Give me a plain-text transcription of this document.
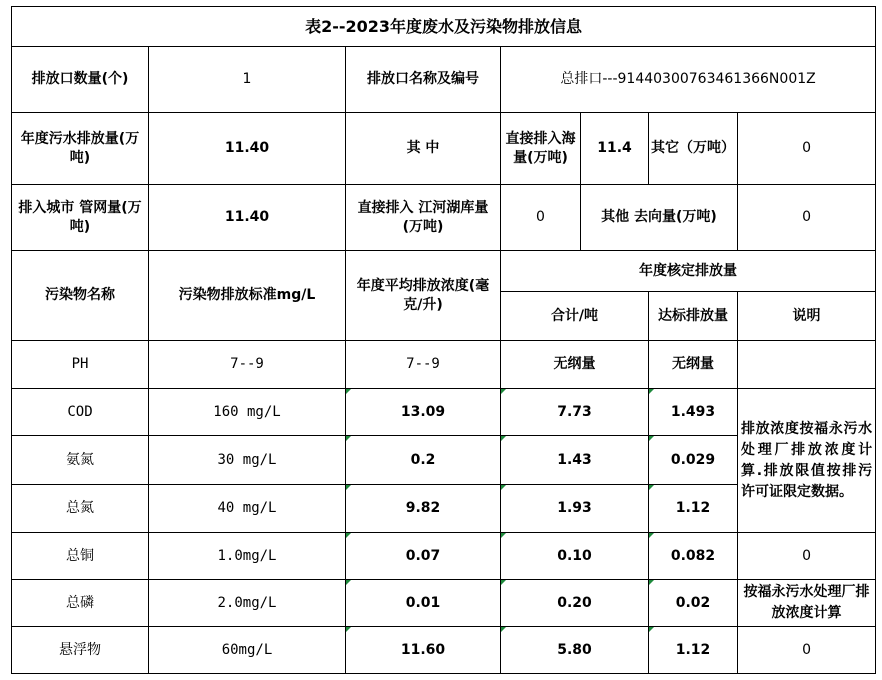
表2--2023年度废水及污染物排放信息						
排放口数量(个)	1	排放口名称及编号	总排口---91440300763461366N001Z			
年度污水排放量(万吨)	11.40	其 中	直接排入海量(万吨)	11.4	其它（万吨）	0
排入城市 管网量(万吨)	11.40	直接排入 江河湖库量(万吨)	0	其他 去向量(万吨)		0
污染物名称	污染物排放标准mg/L	年度平均排放浓度(毫克/升)	年度核定排放量			
			合计/吨		达标排放量	说明
PH	7--9	7--9	无纲量		无纲量	
COD	160 mg/L	13.09	7.73		1.493	排放浓度按福永污水处理厂排放浓度计算.排放限值按排污许可证限定数据。
氨氮	30 mg/L	0.2	1.43		0.029	
总氮	40 mg/L	9.82	1.93		1.12	
总铜	1.0mg/L	0.07	0.10		0.082	0
总磷	2.0mg/L	0.01	0.20		0.02	按福永污水处理厂排放浓度计算
悬浮物	60mg/L	11.60	5.80		1.12	0
